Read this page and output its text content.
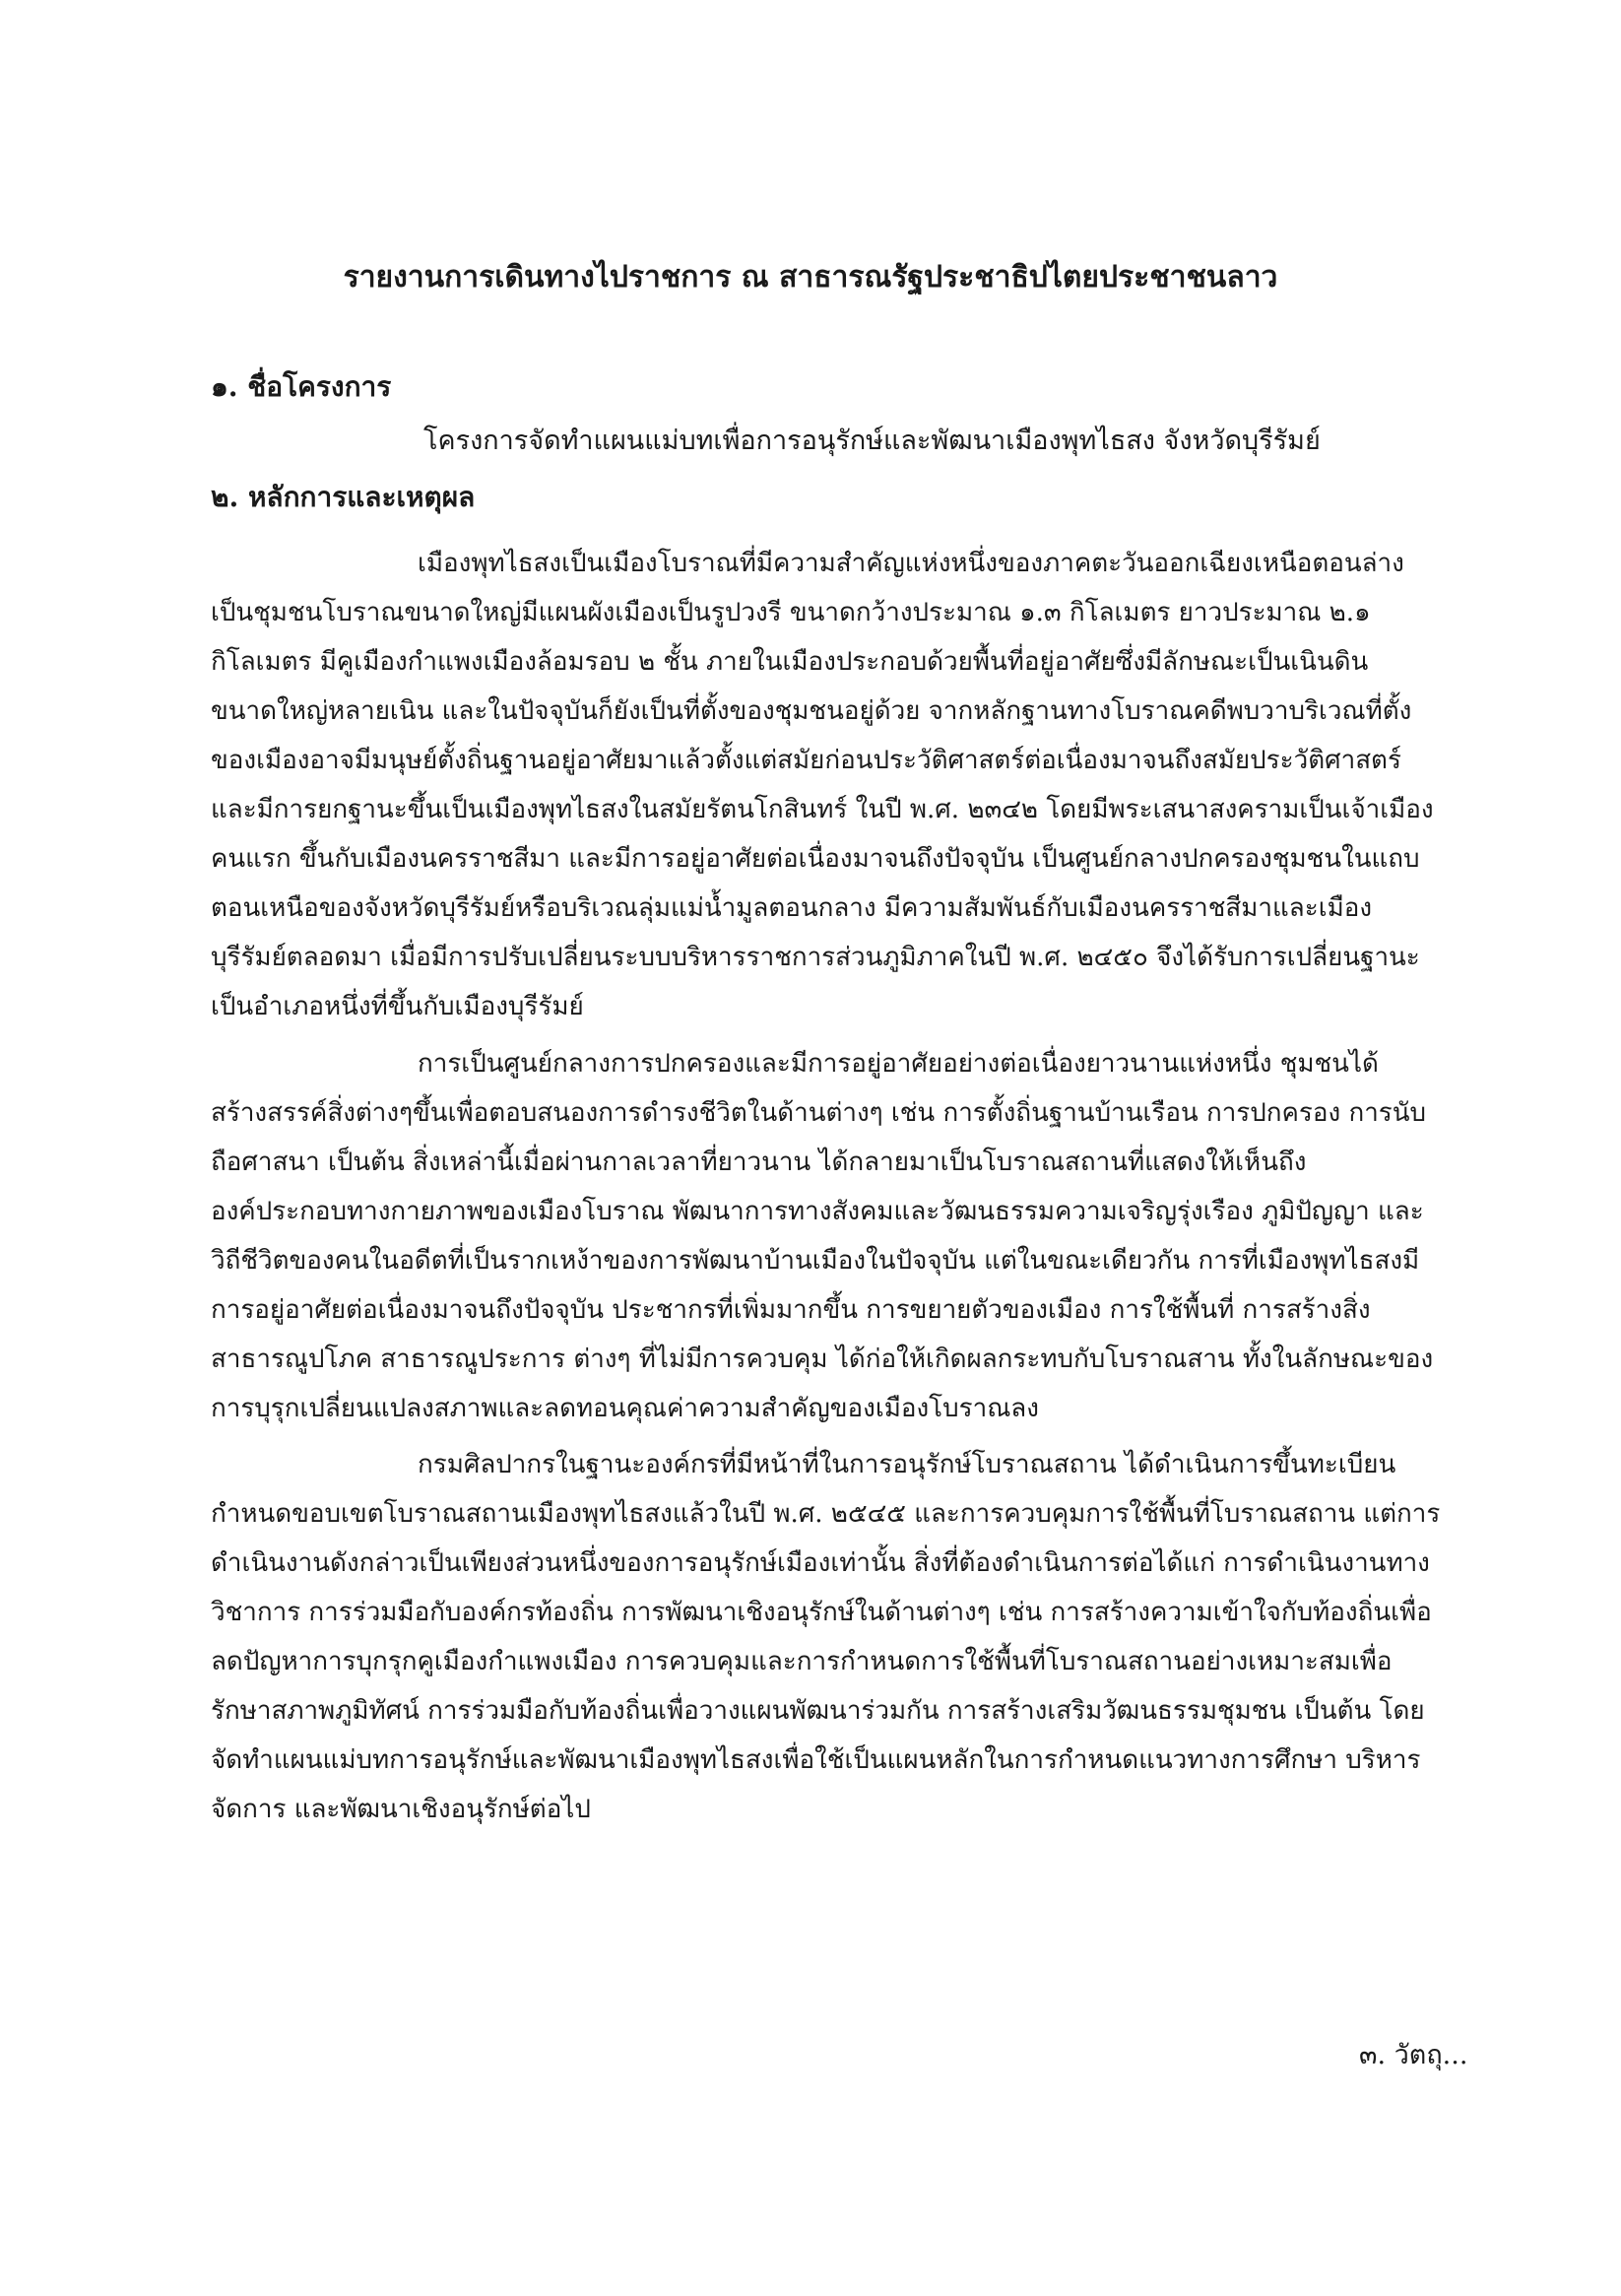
รายงานการเดินทางไปราชการ ณ สาธารณรัฐประชาธิปไตยประชาชนลาว
๑. ชื่อโครงการ
โครงการจัดทำแผนแม่บทเพื่อการอนุรักษ์และพัฒนาเมืองพุทไธสง จังหวัดบุรีรัมย์
๒. หลักการและเหตุผล
เมืองพุทไธสงเป็นเมืองโบราณที่มีความสำคัญแห่งหนึ่งของภาคตะวันออกเฉียงเหนือตอนล่าง
เป็นชุมชนโบราณขนาดใหญ่มีแผนผังเมืองเป็นรูปวงรี ขนาดกว้างประมาณ ๑.๓ กิโลเมตร ยาวประมาณ ๒.๑
กิโลเมตร มีคูเมืองกำแพงเมืองล้อมรอบ ๒ ชั้น ภายในเมืองประกอบด้วยพื้นที่อยู่อาศัยซึ่งมีลักษณะเป็นเนินดิน
ขนาดใหญ่หลายเนิน และในปัจจุบันก็ยังเป็นที่ตั้งของชุมชนอยู่ด้วย จากหลักฐานทางโบราณคดีพบวาบริเวณที่ตั้ง
ของเมืองอาจมีมนุษย์ตั้งถิ่นฐานอยู่อาศัยมาแล้วตั้งแต่สมัยก่อนประวัติศาสตร์ต่อเนื่องมาจนถึงสมัยประวัติศาสตร์
และมีการยกฐานะขึ้นเป็นเมืองพุทไธสงในสมัยรัตนโกสินทร์ ในปี พ.ศ. ๒๓๔๒ โดยมีพระเสนาสงครามเป็นเจ้าเมือง
คนแรก ขึ้นกับเมืองนครราชสีมา และมีการอยู่อาศัยต่อเนื่องมาจนถึงปัจจุบัน เป็นศูนย์กลางปกครองชุมชนในแถบ
ตอนเหนือของจังหวัดบุรีรัมย์หรือบริเวณลุ่มแม่น้ำมูลตอนกลาง มีความสัมพันธ์กับเมืองนครราชสีมาและเมือง
บุรีรัมย์ตลอดมา เมื่อมีการปรับเปลี่ยนระบบบริหารราชการส่วนภูมิภาคในปี พ.ศ. ๒๔๕๐ จึงได้รับการเปลี่ยนฐานะ
เป็นอำเภอหนึ่งที่ขึ้นกับเมืองบุรีรัมย์
การเป็นศูนย์กลางการปกครองและมีการอยู่อาศัยอย่างต่อเนื่องยาวนานแห่งหนึ่ง ชุมชนได้
สร้างสรรค์สิ่งต่างๆขึ้นเพื่อตอบสนองการดำรงชีวิตในด้านต่างๆ เช่น การตั้งถิ่นฐานบ้านเรือน การปกครอง การนับ
ถือศาสนา เป็นต้น สิ่งเหล่านี้เมื่อผ่านกาลเวลาที่ยาวนาน ได้กลายมาเป็นโบราณสถานที่แสดงให้เห็นถึง
องค์ประกอบทางกายภาพของเมืองโบราณ พัฒนาการทางสังคมและวัฒนธรรมความเจริญรุ่งเรือง ภูมิปัญญา และ
วิถีชีวิตของคนในอดีตที่เป็นรากเหง้าของการพัฒนาบ้านเมืองในปัจจุบัน แต่ในขณะเดียวกัน การที่เมืองพุทไธสงมี
การอยู่อาศัยต่อเนื่องมาจนถึงปัจจุบัน ประชากรที่เพิ่มมากขึ้น การขยายตัวของเมือง การใช้พื้นที่ การสร้างสิ่ง
สาธารณูปโภค สาธารณูประการ ต่างๆ ที่ไม่มีการควบคุม ได้ก่อให้เกิดผลกระทบกับโบราณสาน ทั้งในลักษณะของ
การบุรุกเปลี่ยนแปลงสภาพและลดทอนคุณค่าความสำคัญของเมืองโบราณลง
กรมศิลปากรในฐานะองค์กรที่มีหน้าที่ในการอนุรักษ์โบราณสถาน ได้ดำเนินการขึ้นทะเบียน
กำหนดขอบเขตโบราณสถานเมืองพุทไธสงแล้วในปี พ.ศ. ๒๕๔๕ และการควบคุมการใช้พื้นที่โบราณสถาน แต่การ
ดำเนินงานดังกล่าวเป็นเพียงส่วนหนึ่งของการอนุรักษ์เมืองเท่านั้น สิ่งที่ต้องดำเนินการต่อได้แก่ การดำเนินงานทาง
วิชาการ การร่วมมือกับองค์กรท้องถิ่น การพัฒนาเชิงอนุรักษ์ในด้านต่างๆ เช่น การสร้างความเข้าใจกับท้องถิ่นเพื่อ
ลดปัญหาการบุกรุกคูเมืองกำแพงเมือง การควบคุมและการกำหนดการใช้พื้นที่โบราณสถานอย่างเหมาะสมเพื่อ
รักษาสภาพภูมิทัศน์ การร่วมมือกับท้องถิ่นเพื่อวางแผนพัฒนาร่วมกัน การสร้างเสริมวัฒนธรรมชุมชน เป็นต้น โดย
จัดทำแผนแม่บทการอนุรักษ์และพัฒนาเมืองพุทไธสงเพื่อใช้เป็นแผนหลักในการกำหนดแนวทางการศึกษา บริหาร
จัดการ และพัฒนาเชิงอนุรักษ์ต่อไป
๓. วัตถุ...
